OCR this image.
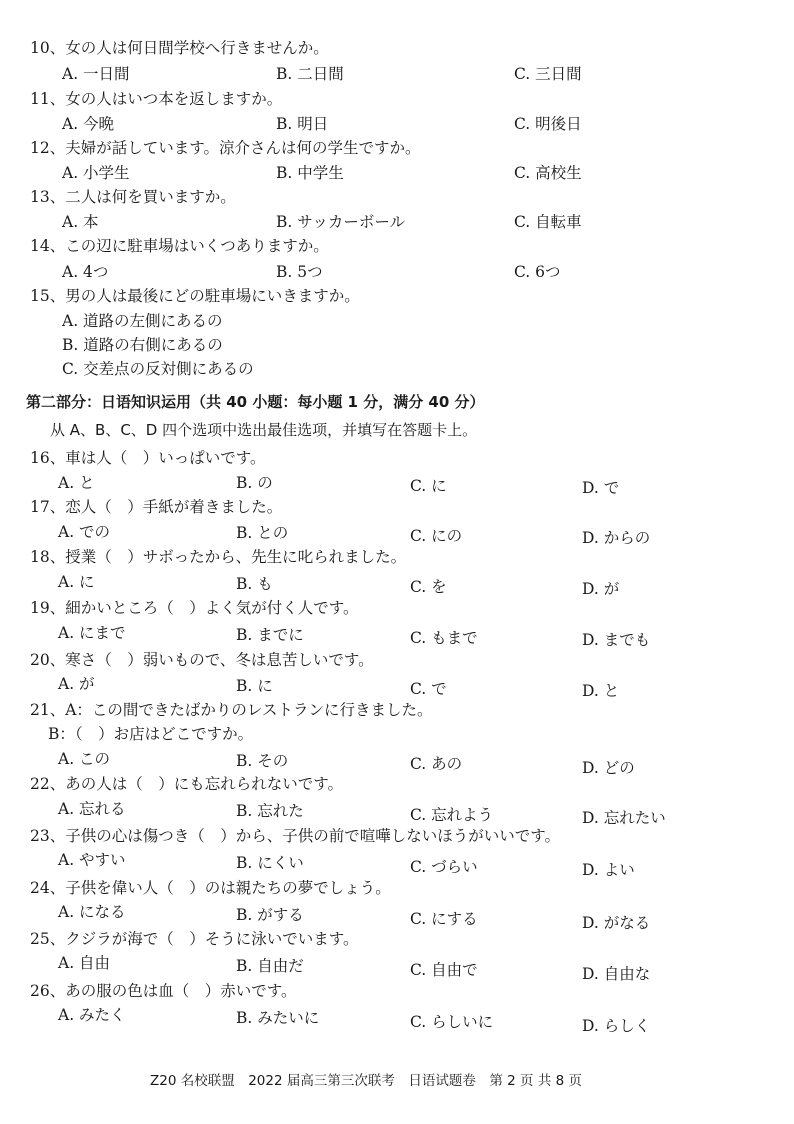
10、女の人は何日間学校へ行きませんか。
A. 一日間	B. 二日間	C. 三日間
11、女の人はいつ本を返しますか。
A. 今晩	B. 明日	C. 明後日
12、夫婦が話しています。涼介さんは何の学生ですか。
A. 小学生	B. 中学生	C. 高校生
13、二人は何を買いますか。
A. 本	B. サッカーボール	C. 自転車
14、この辺に駐車場はいくつありますか。
A. 4つ	B. 5つ	C. 6つ
15、男の人は最後にどの駐車場にいきますか。
A. 道路の左側にあるの
B. 道路の右側にあるの
C. 交差点の反対側にあるの
第二部分：日语知识运用（共 40 小题：每小题 1 分，满分 40 分）
从 A、B、C、D 四个选项中选出最佳选项，并填写在答题卡上。
16、車は人（　）いっぱいです。
A. と	B. の	C. に	D. で
17、恋人（　）手紙が着きました。
A. での	B. との	C. にの	D. からの
18、授業（　）サボったから、先生に叱られました。
A. に	B. も	C. を	D. が
19、細かいところ（　）よく気が付く人です。
A. にまで	B. までに	C. もまで	D. までも
20、寒さ（　）弱いもので、冬は息苦しいです。
A. が	B. に	C. で	D. と
21、A：この間できたばかりのレストランに行きました。
B：（　）お店はどこですか。
A. この	B. その	C. あの	D. どの
22、あの人は（　）にも忘れられないです。
A. 忘れる	B. 忘れた	C. 忘れよう	D. 忘れたい
23、子供の心は傷つき（　）から、子供の前で喧嘩しないほうがいいです。
A. やすい	B. にくい	C. づらい	D. よい
24、子供を偉い人（　）のは親たちの夢でしょう。
A. になる	B. がする	C. にする	D. がなる
25、クジラが海で（　）そうに泳いでいます。
A. 自由	B. 自由だ	C. 自由で	D. 自由な
26、あの服の色は血（　）赤いです。
A. みたく	B. みたいに	C. らしいに	D. らしく
Z20 名校联盟　2022 届高三第三次联考　日语试题卷　第 2 页 共 8 页
